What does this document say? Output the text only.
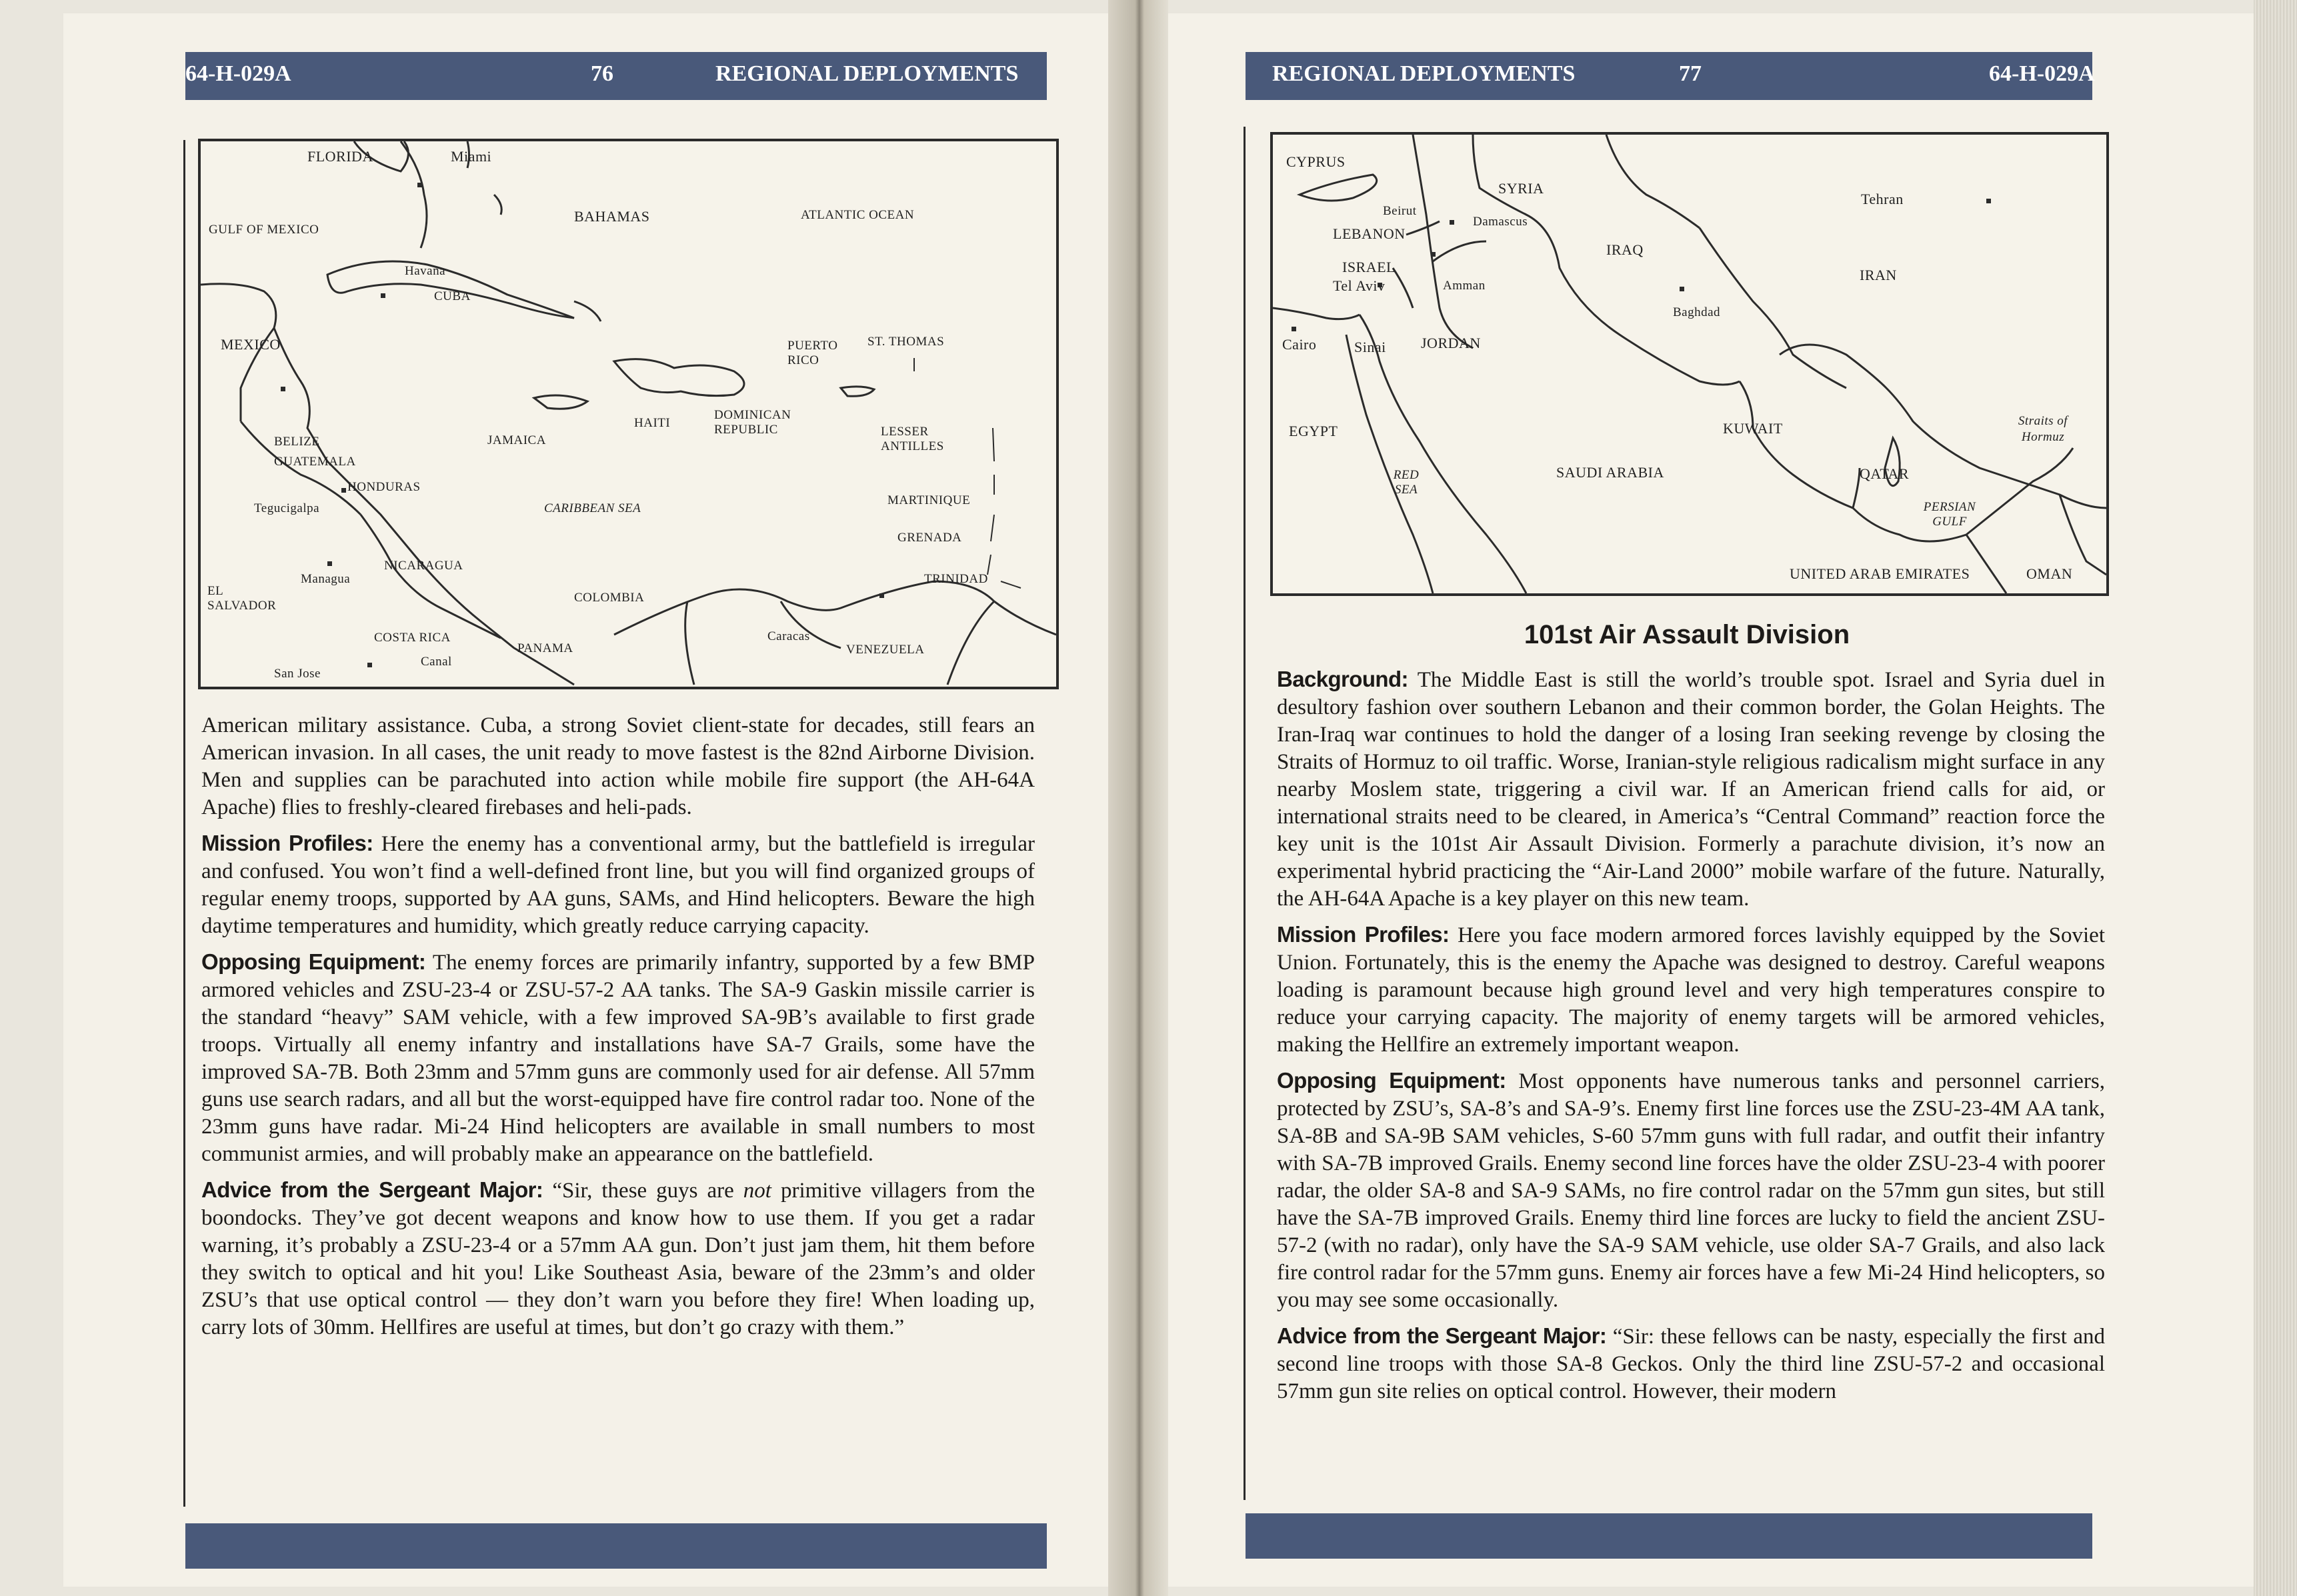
64-H-029A	76	REGIONAL DEPLOYMENTS
FLORIDA	Miami
GULF OF MEXICO
BAHAMAS	ATLANTIC OCEAN
Havana
CUBA
MEXICO	PUERTO RICO
ST. THOMAS
HAITI
DOMINICAN REPUBLIC
JAMAICA
BELIZE
GUATEMALA
LESSER ANTILLES
HONDURAS
Tegucigalpa	CARIBBEAN SEA
MARTINIQUE
GRENADA
NICARAGUA
EL SALVADOR
Managua	TRINIDAD
COLOMBIA
COSTA RICA	Caracas
PANAMA
Canal
VENEZUELA
San Jose

American military assistance. Cuba, a strong Soviet client-state for decades, still fears an American invasion. In all cases, the unit ready to move fastest is the 82nd Airborne Division. Men and supplies can be parachuted into action while mobile fire support (the AH-64A Apache) flies to freshly-cleared firebases and heli-pads.

Mission Profiles: Here the enemy has a conventional army, but the battlefield is irregular and confused. You won’t find a well-defined front line, but you will find organized groups of regular enemy troops, supported by AA guns, SAMs, and Hind helicopters. Beware the high daytime temperatures and humidity, which greatly reduce carrying capacity.

Opposing Equipment: The enemy forces are primarily infantry, supported by a few BMP armored vehicles and ZSU-23-4 or ZSU-57-2 AA tanks. The SA-9 Gaskin missile carrier is the standard “heavy” SAM vehicle, with a few improved SA-9B’s available to first grade troops. Virtually all enemy infantry and installations have SA-7 Grails, some have the improved SA-7B. Both 23mm and 57mm guns are commonly used for air defense. All 57mm guns use search radars, and all but the worst-equipped have fire control radar too. None of the 23mm guns have radar. Mi-24 Hind helicopters are available in small numbers to most communist armies, and will probably make an appearance on the battlefield.

Advice from the Sergeant Major: “Sir, these guys are not primitive villagers from the boondocks. They’ve got decent weapons and know how to use them. If you get a radar warning, it’s probably a ZSU-23-4 or a 57mm AA gun. Don’t just jam them, hit them before they switch to optical and hit you! Like Southeast Asia, beware of the 23mm’s and older ZSU’s that use optical control — they don’t warn you before they fire! When loading up, carry lots of 30mm. Hellfires are useful at times, but don’t go crazy with them.”

REGIONAL DEPLOYMENTS	77	64-H-029A
CYPRUS
SYRIA
Tehran
Beirut
Damascus
LEBANON
IRAQ
ISRAEL	IRAN
Tel Aviv	Amman
Baghdad
Cairo	Sinai JORDAN
KUWAIT
EGYPT
Straits of Hormuz
RED SEA
SAUDI ARABIA	QATAR
PERSIAN GULF
UNITED ARAB EMIRATES	OMAN
101st Air Assault Division

Background: The Middle East is still the world’s trouble spot. Israel and Syria duel in desultory fashion over southern Lebanon and their common border, the Golan Heights. The Iran-Iraq war continues to hold the danger of a losing Iran seeking revenge by closing the Straits of Hormuz to oil traffic. Worse, Iranian-style religious radicalism might surface in any nearby Moslem state, triggering a civil war. If an American friend calls for aid, or international straits need to be cleared, in America’s “Central Command” reaction force the key unit is the 101st Air Assault Division. Formerly a parachute division, it’s now an experimental hybrid practicing the “Air-Land 2000” mobile warfare of the future. Naturally, the AH-64A Apache is a key player on this new team.

Mission Profiles: Here you face modern armored forces lavishly equipped by the Soviet Union. Fortunately, this is the enemy the Apache was designed to destroy. Careful weapons loading is paramount because high ground level and very high temperatures conspire to reduce your carrying capacity. The majority of enemy targets will be armored vehicles, making the Hellfire an extremely important weapon.

Opposing Equipment: Most opponents have numerous tanks and personnel carriers, protected by ZSU’s, SA-8’s and SA-9’s. Enemy first line forces use the ZSU-23-4M AA tank, SA-8B and SA-9B SAM vehicles, S-60 57mm guns with full radar, and outfit their infantry with SA-7B improved Grails. Enemy second line forces have the older ZSU-23-4 with poorer radar, the older SA-8 and SA-9 SAMs, no fire control radar on the 57mm gun sites, but still have the SA-7B improved Grails. Enemy third line forces are lucky to field the ancient ZSU-57-2 (with no radar), only have the SA-9 SAM vehicle, use older SA-7 Grails, and also lack fire control radar for the 57mm guns. Enemy air forces have a few Mi-24 Hind helicopters, so you may see some occasionally.

Advice from the Sergeant Major: “Sir: these fellows can be nasty, especially the first and second line troops with those SA-8 Geckos. Only the third line ZSU-57-2 and occasional 57mm gun site relies on optical control. However, their modern
